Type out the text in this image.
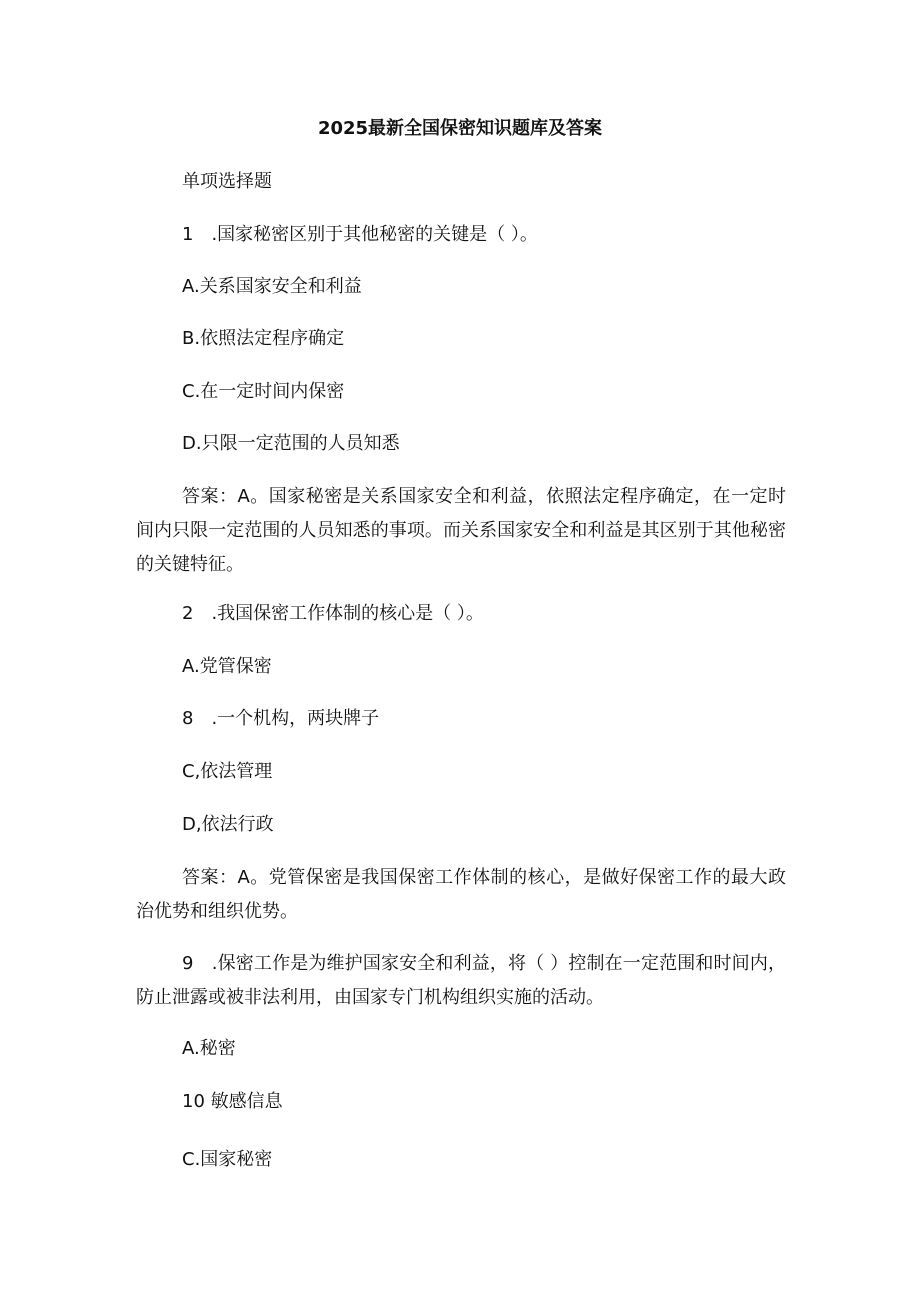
2025最新全国保密知识题库及答案
单项选择题
1　.国家秘密区别于其他秘密的关键是（ ）。
A.关系国家安全和利益
B.依照法定程序确定
C.在一定时间内保密
D.只限一定范围的人员知悉
答案：A。国家秘密是关系国家安全和利益，依照法定程序确定，在一定时间内只限一定范围的人员知悉的事项。而关系国家安全和利益是其区别于其他秘密的关键特征。
2　.我国保密工作体制的核心是（ ）。
A.党管保密
8　.一个机构，两块牌子
C,依法管理
D,依法行政
答案：A。党管保密是我国保密工作体制的核心，是做好保密工作的最大政治优势和组织优势。
9　.保密工作是为维护国家安全和利益，将（ ）控制在一定范围和时间内，防止泄露或被非法利用，由国家专门机构组织实施的活动。
A.秘密
10 敏感信息
C.国家秘密
